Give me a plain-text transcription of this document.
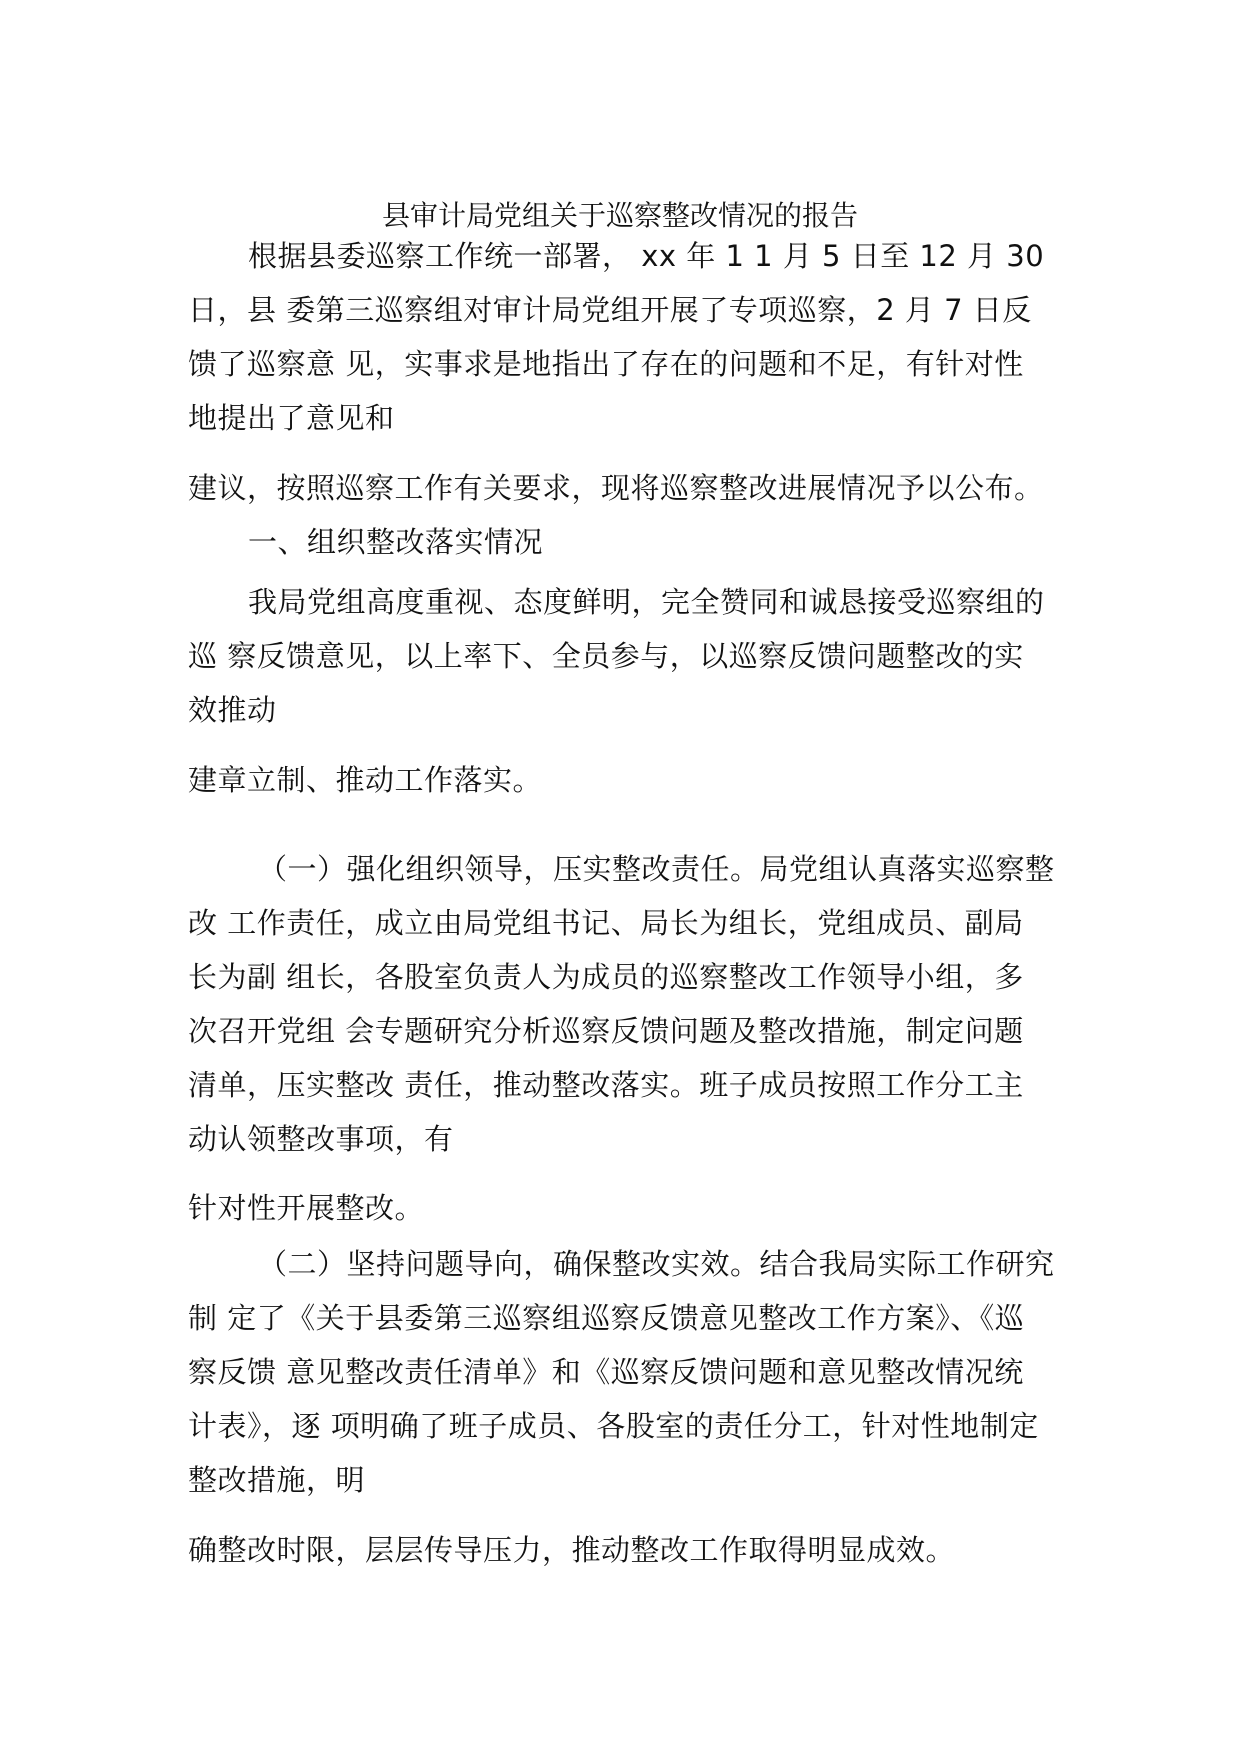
县审计局党组关于巡察整改情况的报告
根据县委巡察工作统一部署， xx 年 1 1 月 5 日至 12 月 30
日，县 委第三巡察组对审计局党组开展了专项巡察，2 月 7 日反
馈了巡察意 见，实事求是地指出了存在的问题和不足，有针对性
地提出了意见和
建议，按照巡察工作有关要求，现将巡察整改进展情况予以公布。
一、组织整改落实情况
我局党组高度重视、态度鲜明，完全赞同和诚恳接受巡察组的
巡 察反馈意见，以上率下、全员参与，以巡察反馈问题整改的实
效推动
建章立制、推动工作落实。
（一）强化组织领导，压实整改责任。局党组认真落实巡察整
改 工作责任，成立由局党组书记、局长为组长，党组成员、副局
长为副 组长，各股室负责人为成员的巡察整改工作领导小组，多
次召开党组 会专题研究分析巡察反馈问题及整改措施，制定问题
清单，压实整改 责任，推动整改落实。班子成员按照工作分工主
动认领整改事项，有
针对性开展整改。
（二）坚持问题导向，确保整改实效。结合我局实际工作研究
制 定了《关于县委第三巡察组巡察反馈意见整改工作方案》、《巡
察反馈 意见整改责任清单》和《巡察反馈问题和意见整改情况统
计表》，逐 项明确了班子成员、各股室的责任分工，针对性地制定
整改措施，明
确整改时限，层层传导压力，推动整改工作取得明显成效。
